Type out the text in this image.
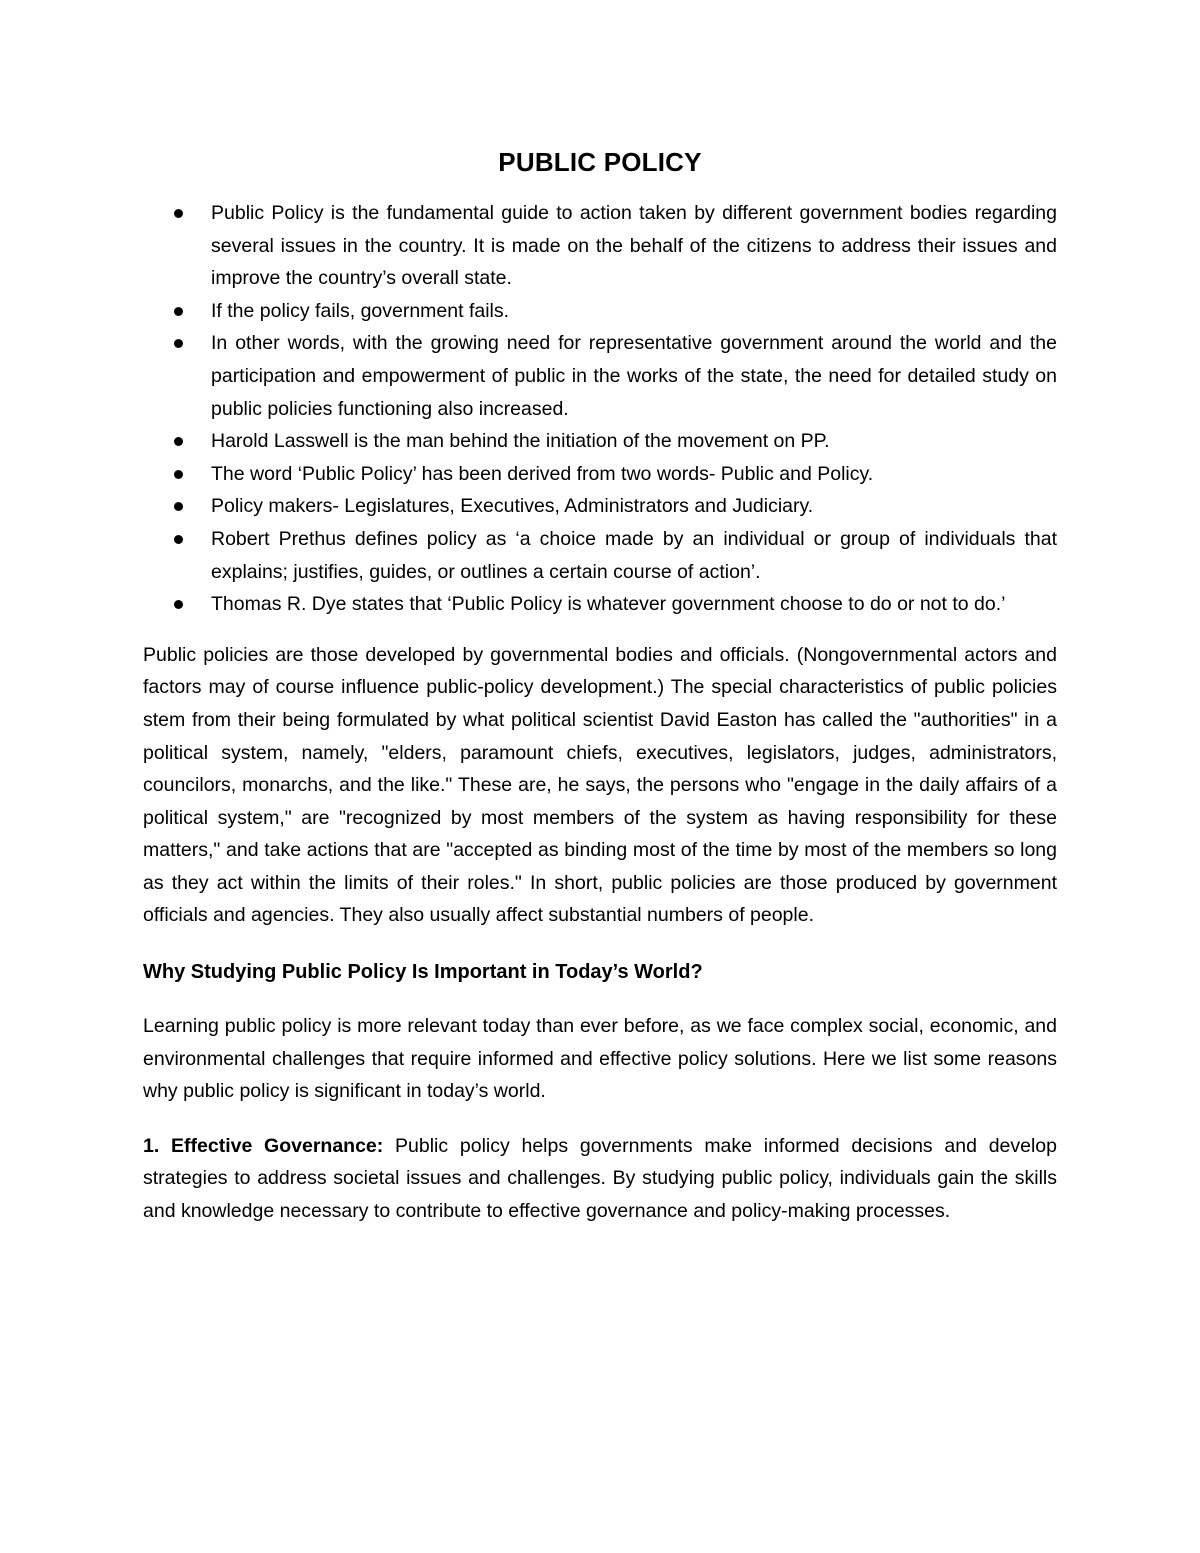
PUBLIC POLICY
Public Policy is the fundamental guide to action taken by different government bodies regarding several issues in the country. It is made on the behalf of the citizens to address their issues and improve the country’s overall state.
If the policy fails, government fails.
In other words, with the growing need for representative government around the world and the participation and empowerment of public in the works of the state, the need for detailed study on public policies functioning also increased.
Harold Lasswell is the man behind the initiation of the movement on PP.
The word ‘Public Policy’ has been derived from two words- Public and Policy.
Policy makers- Legislatures, Executives, Administrators and Judiciary.
Robert Prethus defines policy as ‘a choice made by an individual or group of individuals that explains; justifies, guides, or outlines a certain course of action’.
Thomas R. Dye states that ‘Public Policy is whatever government choose to do or not to do.’

Public policies are those developed by governmental bodies and officials. (Nongovernmental actors and factors may of course influence public-policy development.) The special characteristics of public policies stem from their being formulated by what political scientist David Easton has called the "authorities" in a political system, namely, "elders, paramount chiefs, executives, legislators, judges, administrators, councilors, monarchs, and the like." These are, he says, the persons who "engage in the daily affairs of a political system," are "recognized by most members of the system as having responsibility for these matters," and take actions that are "accepted as binding most of the time by most of the members so long as they act within the limits of their roles." In short, public policies are those produced by government officials and agencies. They also usually affect substantial numbers of people.

Why Studying Public Policy Is Important in Today’s World?

Learning public policy is more relevant today than ever before, as we face complex social, economic, and environmental challenges that require informed and effective policy solutions. Here we list some reasons why public policy is significant in today’s world.

1. Effective Governance: Public policy helps governments make informed decisions and develop strategies to address societal issues and challenges. By studying public policy, individuals gain the skills and knowledge necessary to contribute to effective governance and policy-making processes.
